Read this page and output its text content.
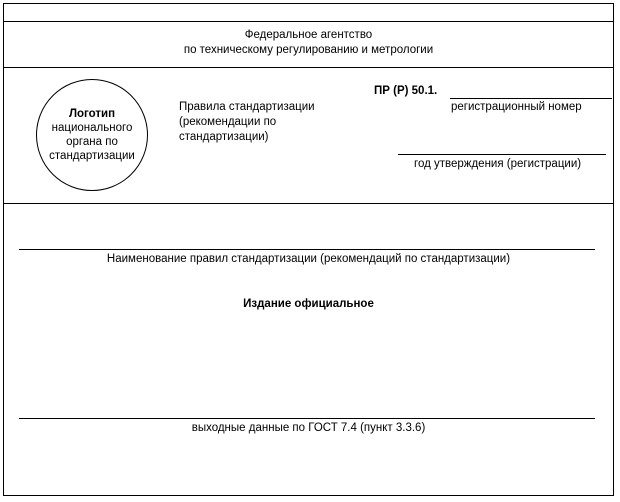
Федеральное агентство
по техническому регулированию и метрологии
Логотип
национального
органа по
стандартизации
Правила стандартизации
(рекомендации по
стандартизации)
ПР (Р) 50.1.
регистрационный номер
год утверждения (регистрации)
Наименование правил стандартизации (рекомендаций по стандартизации)
Издание официальное
выходные данные по ГОСТ 7.4 (пункт 3.3.6)
